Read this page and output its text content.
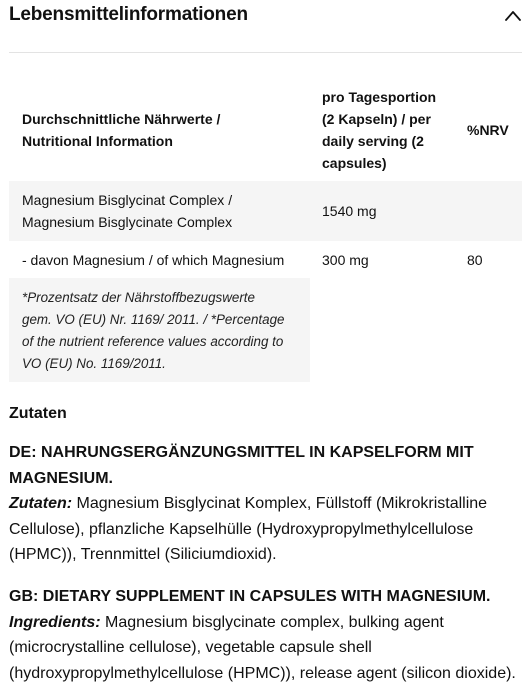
Lebensmittelinformationen
Durchschnittliche Nährwerte /
Nutritional Information
pro Tagesportion
(2 Kapseln) / per
daily serving (2
capsules)
%NRV
Magnesium Bisglycinat Complex /
Magnesium Bisglycinate Complex
1540 mg
- davon Magnesium / of which Magnesium	300 mg	80

*Prozentsatz der Nährstoffbezugswerte
gem. VO (EU) Nr. 1169/ 2011. / *Percentage
of the nutrient reference values according to
VO (EU) No. 1169/2011.

Zutaten
DE: NAHRUNGSERGÄNZUNGSMITTEL IN KAPSELFORM MIT
MAGNESIUM.
Zutaten: Magnesium Bisglycinat Komplex, Füllstoff (Mikrokristalline
Cellulose), pflanzliche Kapselhülle (Hydroxypropylmethylcellulose
(HPMC)), Trennmittel (Siliciumdioxid).
GB: DIETARY SUPPLEMENT IN CAPSULES WITH MAGNESIUM.
Ingredients: Magnesium bisglycinate complex, bulking agent
(microcrystalline cellulose), vegetable capsule shell
(hydroxypropylmethylcellulose (HPMC)), release agent (silicon dioxide).
